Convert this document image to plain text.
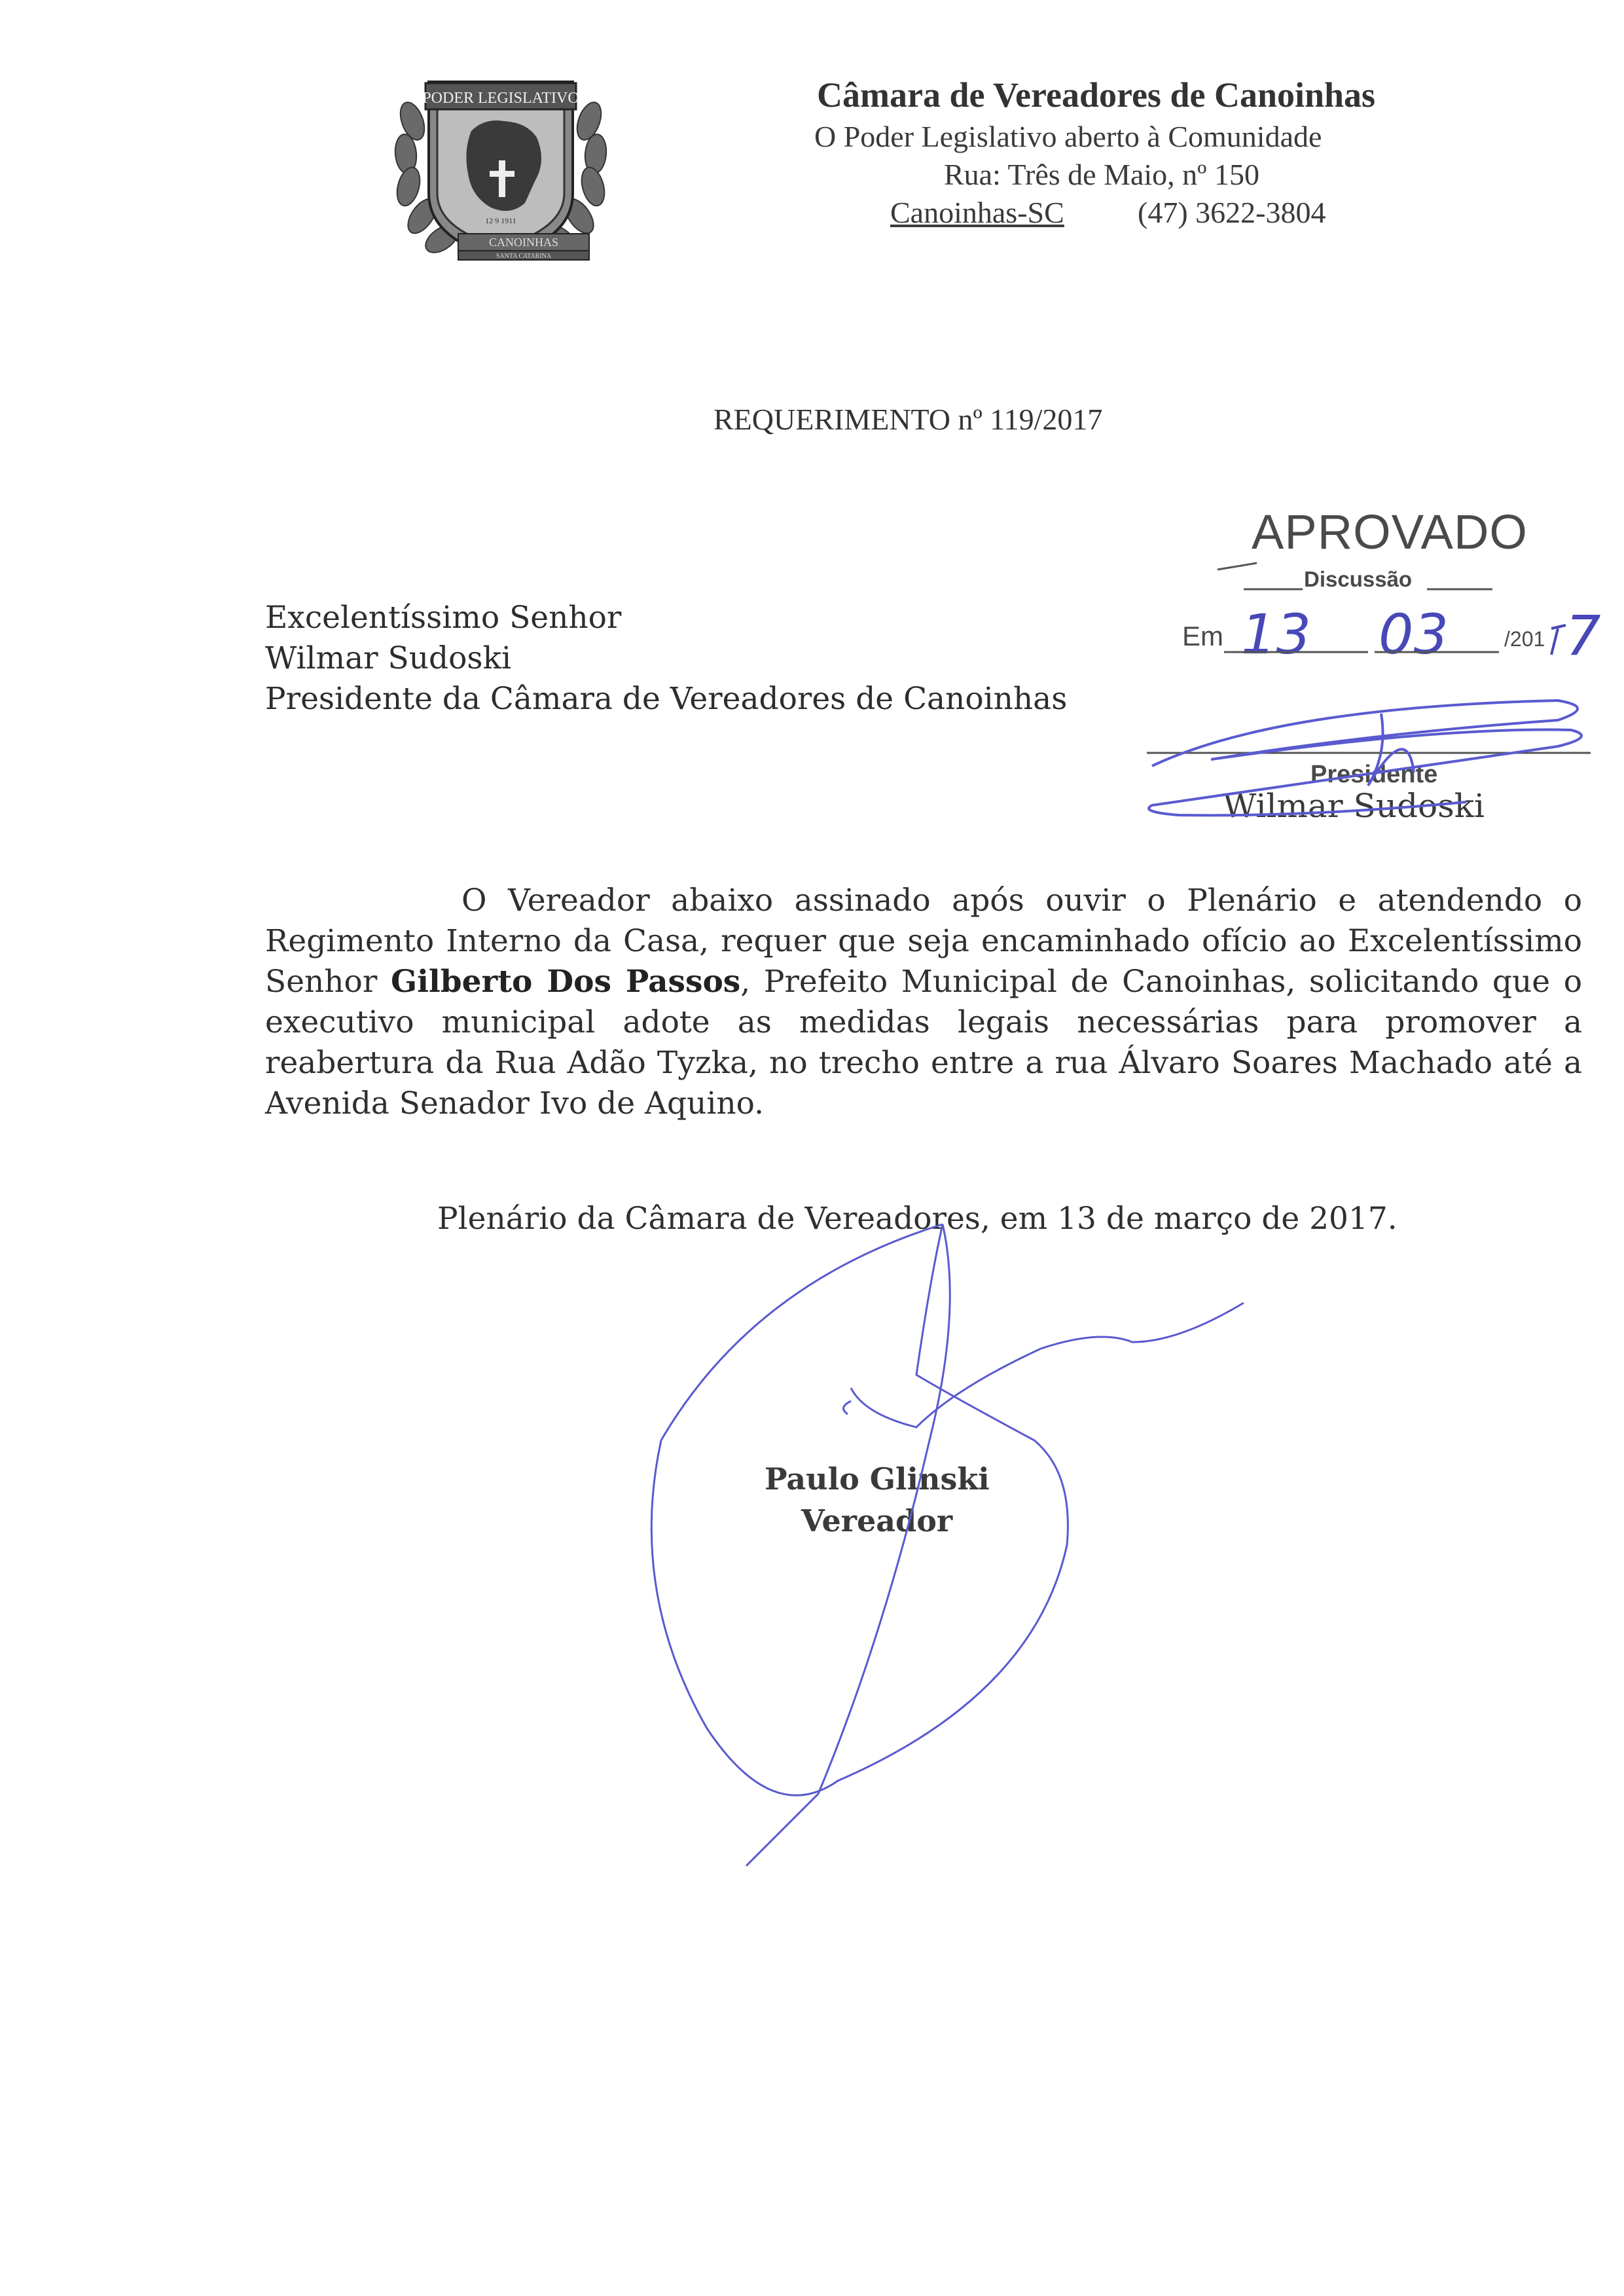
PODER LEGISLATIVO
12 9 1911
CANOINHAS
SANTA CATARINA
Câmara de Vereadores de Canoinhas
O Poder Legislativo aberto à Comunidade
Rua: Três de Maio, nº 150
Canoinhas-SC (47) 3622-3804
REQUERIMENTO nº 119/2017
Excelentíssimo Senhor
Wilmar Sudoski
Presidente da Câmara de Vereadores de Canoinhas
APROVADO
Discussão
Em	/201
13 03 7
Presidente
Wilmar Sudoski
O Vereador abaixo assinado após ouvir o Plenário e atendendo o Regimento Interno da Casa, requer que seja encaminhado ofício ao Excelentíssimo Senhor Gilberto Dos Passos, Prefeito Municipal de Canoinhas, solicitando que o executivo municipal adote as medidas legais necessárias para promover a reabertura da Rua Adão Tyzka, no trecho entre a rua Álvaro Soares Machado até a Avenida Senador Ivo de Aquino.
Plenário da Câmara de Vereadores, em 13 de março de 2017.
Paulo Glinski
Vereador
